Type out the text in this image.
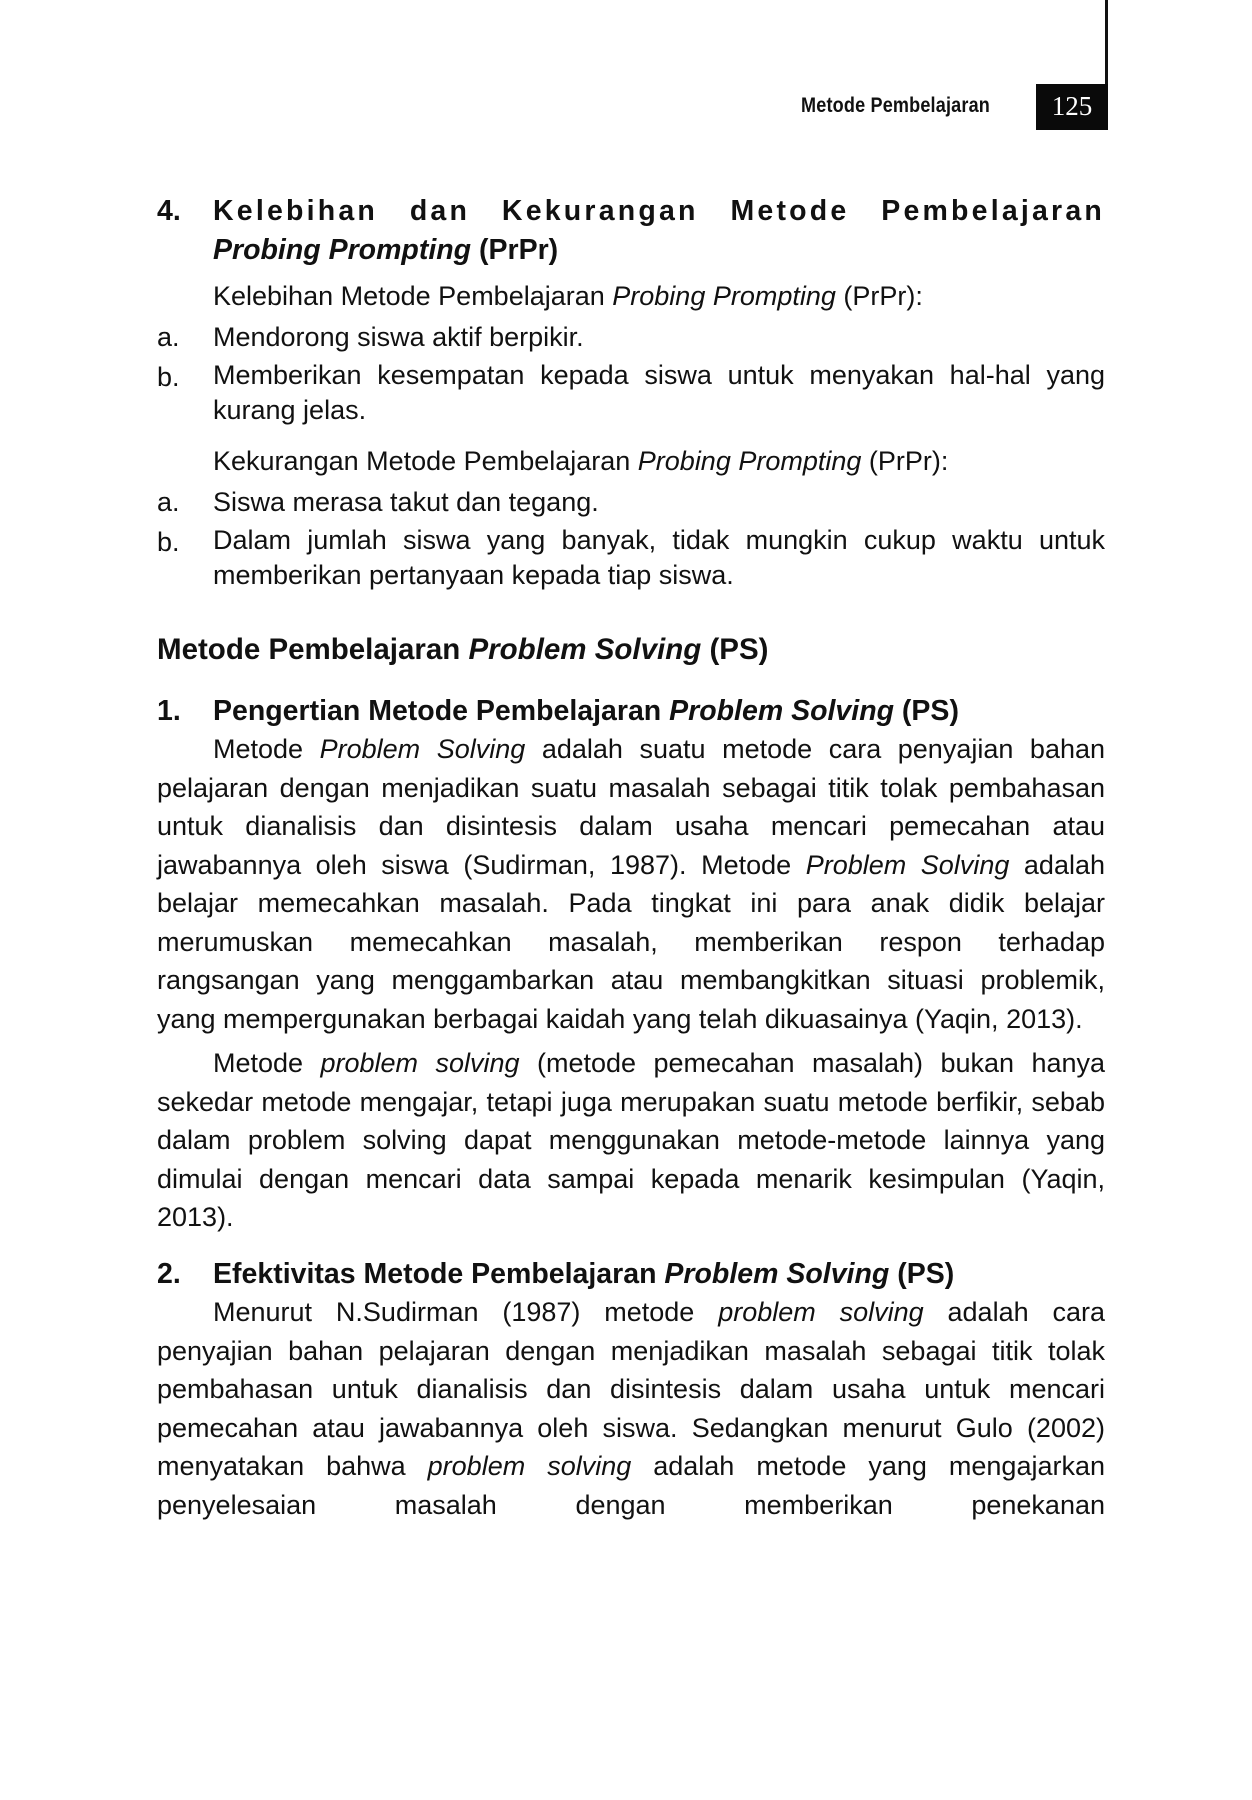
Metode Pembelajaran	125
4.	Kelebihan dan Kekurangan Metode Pembelajaran
Probing Prompting (PrPr)
Kelebihan Metode Pembelajaran Probing Prompting (PrPr):
a.	Mendorong siswa aktif berpikir.
b.	Memberikan kesempatan kepada siswa untuk menyakan hal-hal yang kurang jelas.
Kekurangan Metode Pembelajaran Probing Prompting (PrPr):
a.	Siswa merasa takut dan tegang.
b.	Dalam jumlah siswa yang banyak, tidak mungkin cukup waktu untuk memberikan pertanyaan kepada tiap siswa.
Metode Pembelajaran Problem Solving (PS)
1.	Pengertian Metode Pembelajaran Problem Solving (PS)
Metode Problem Solving adalah suatu metode cara penyajian bahan pelajaran dengan menjadikan suatu masalah sebagai titik tolak pembahasan untuk dianalisis dan disintesis dalam usaha mencari pemecahan atau jawabannya oleh siswa (Sudirman, 1987). Metode Problem Solving adalah belajar memecahkan masalah. Pada tingkat ini para anak didik belajar merumuskan memecahkan masalah, memberikan respon terhadap rangsangan yang menggambarkan atau membangkitkan situasi problemik, yang mempergunakan berbagai kaidah yang telah dikuasainya (Yaqin, 2013).
Metode problem solving (metode pemecahan masalah) bukan hanya sekedar metode mengajar, tetapi juga merupakan suatu metode berfikir, sebab dalam problem solving dapat menggunakan metode-metode lainnya yang dimulai dengan mencari data sampai kepada menarik kesimpulan (Yaqin, 2013).
2.	Efektivitas Metode Pembelajaran Problem Solving (PS)
Menurut N.Sudirman (1987) metode problem solving adalah cara penyajian bahan pelajaran dengan menjadikan masalah sebagai titik tolak pembahasan untuk dianalisis dan disintesis dalam usaha untuk mencari pemecahan atau jawabannya oleh siswa. Sedangkan menurut Gulo (2002) menyatakan bahwa problem solving adalah metode yang mengajarkan penyelesaian masalah dengan memberikan penekanan
